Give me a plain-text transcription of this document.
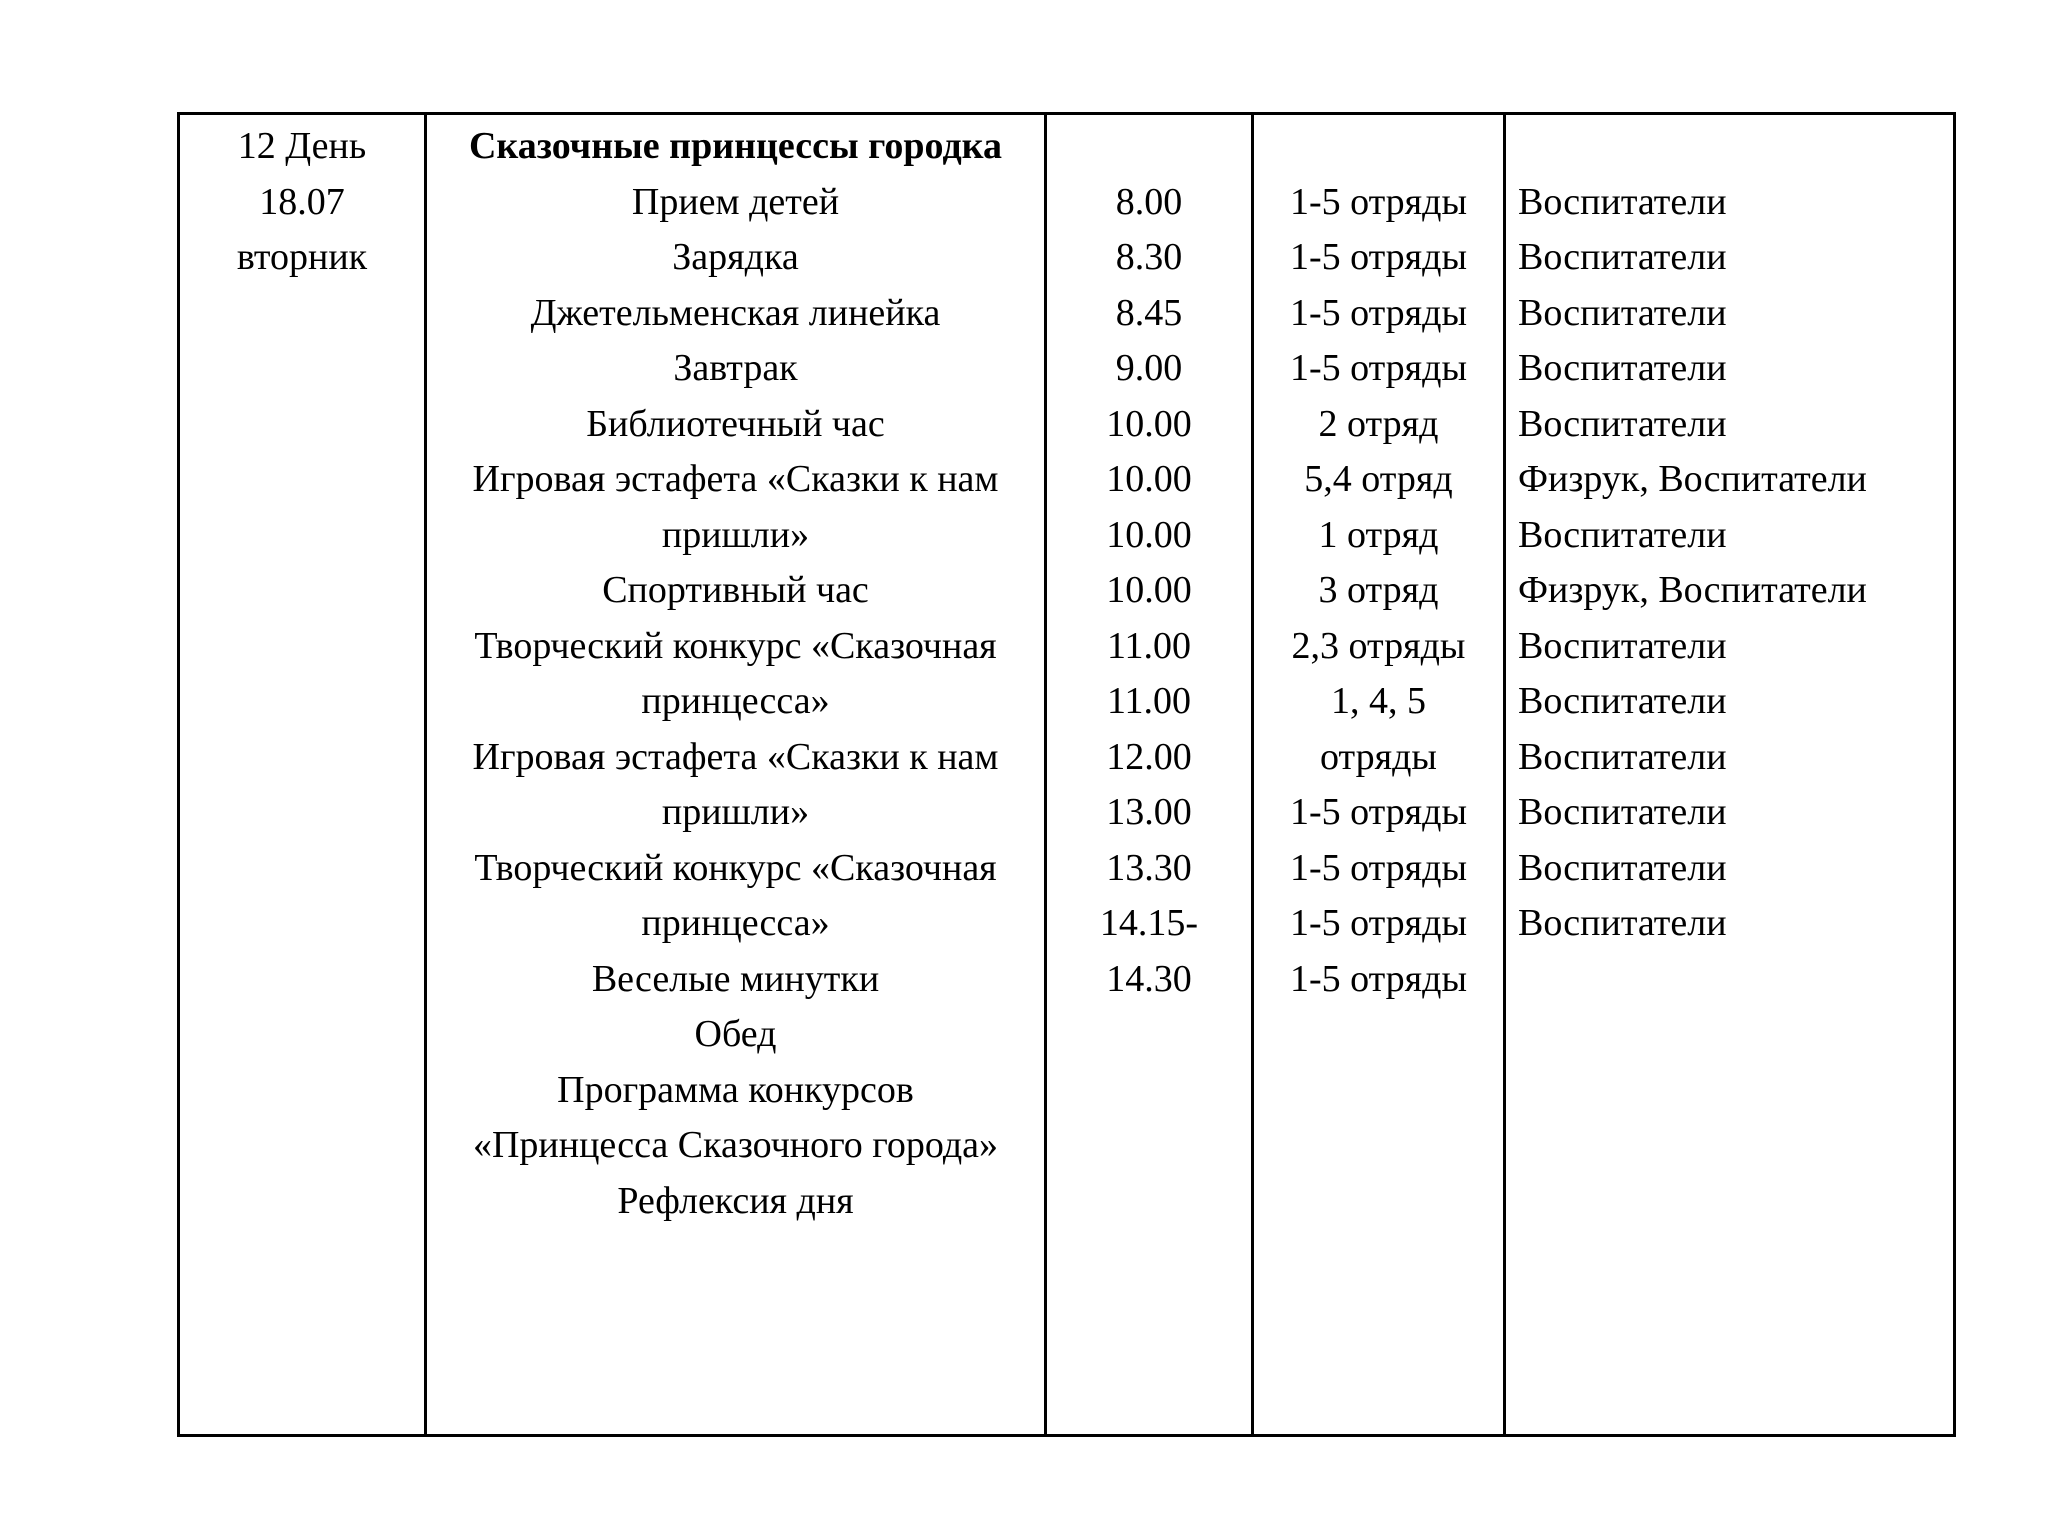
12 День
18.07
вторник
Сказочные принцессы городка
Прием детей
Зарядка
Джетельменская линейка
Завтрак
Библиотечный час
Игровая эстафета «Сказки к нам
пришли»
Спортивный час
Творческий конкурс «Сказочная
принцесса»
Игровая эстафета «Сказки к нам
пришли»
Творческий конкурс «Сказочная
принцесса»
Веселые минутки
Обед
Программа конкурсов
«Принцесса Сказочного города»
Рефлексия дня
8.00
8.30
8.45
9.00
10.00
10.00
10.00
10.00
11.00
11.00
12.00
13.00
13.30
14.15-
14.30
1-5 отряды
1-5 отряды
1-5 отряды
1-5 отряды
2 отряд
5,4 отряд
1 отряд
3 отряд
2,3 отряды
1, 4, 5
отряды
1-5 отряды
1-5 отряды
1-5 отряды
1-5 отряды
Воспитатели
Воспитатели
Воспитатели
Воспитатели
Воспитатели
Физрук, Воспитатели
Воспитатели
Физрук, Воспитатели
Воспитатели
Воспитатели
Воспитатели
Воспитатели
Воспитатели
Воспитатели
